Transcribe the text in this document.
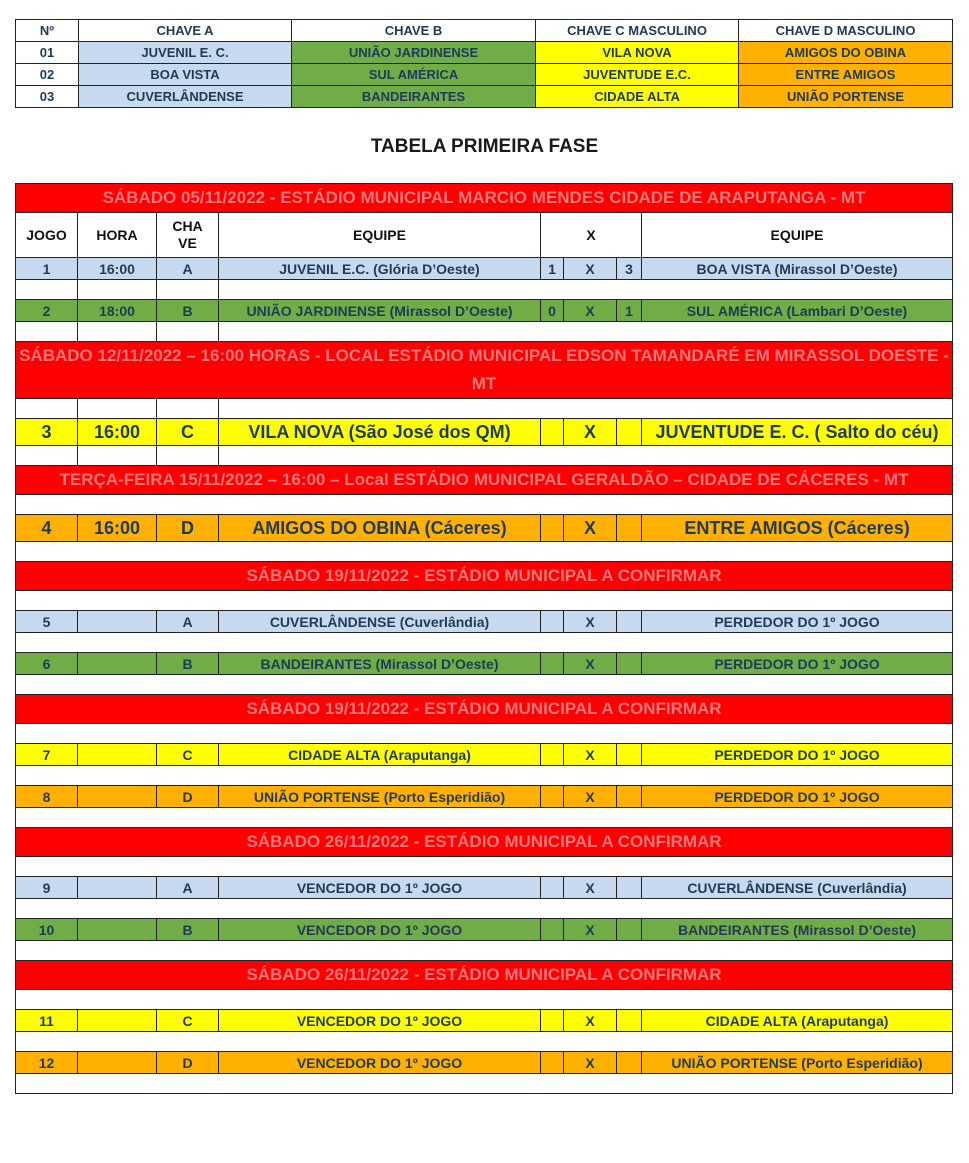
Nº	CHAVE A	CHAVE B	CHAVE C MASCULINO	CHAVE D MASCULINO
01	JUVENIL E. C.	UNIÃO JARDINENSE	VILA NOVA	AMIGOS DO OBINA
02	BOA VISTA	SUL AMÉRICA	JUVENTUDE E.C.	ENTRE AMIGOS
03	CUVERLÂNDENSE	BANDEIRANTES	CIDADE ALTA	UNIÃO PORTENSE
TABELA PRIMEIRA FASE
SÁBADO 05/11/2022 - ESTÁDIO MUNICIPAL MARCIO MENDES CIDADE DE ARAPUTANGA - MT							
JOGO	HORA	CHA VE	EQUIPE	X			EQUIPE
1	16:00	A	JUVENIL E.C. (Glória D’Oeste)	1	X	3	BOA VISTA (Mirassol D’Oeste)

2	18:00	B	UNIÃO JARDINENSE (Mirassol D’Oeste)	0	X	1	SUL AMÉRICA (Lambari D’Oeste)

SÁBADO 12/11/2022 – 16:00 HORAS - LOCAL ESTÁDIO MUNICIPAL EDSON TAMANDARÉ EM MIRASSOL DOESTE -MT							

3	16:00	C	VILA NOVA (São José dos QM)		X		JUVENTUDE E. C. ( Salto do céu)

TERÇA-FEIRA 15/11/2022 – 16:00 – Local ESTÁDIO MUNICIPAL GERALDÃO – CIDADE DE CÁCERES - MT							

4	16:00	D	AMIGOS DO OBINA (Cáceres)		X		ENTRE AMIGOS (Cáceres)

SÁBADO 19/11/2022 - ESTÁDIO MUNICIPAL A CONFIRMAR							

5		A	CUVERLÂNDENSE (Cuverlândia)		X		PERDEDOR DO 1º JOGO

6		B	BANDEIRANTES (Mirassol D’Oeste)		X		PERDEDOR DO 1º JOGO

SÁBADO 19/11/2022 - ESTÁDIO MUNICIPAL A CONFIRMAR							

7		C	CIDADE ALTA (Araputanga)		X		PERDEDOR DO 1º JOGO

8		D	UNIÃO PORTENSE (Porto Esperidião)		X		PERDEDOR DO 1º JOGO

SÁBADO 26/11/2022 - ESTÁDIO MUNICIPAL A CONFIRMAR							

9		A	VENCEDOR DO 1º JOGO		X		CUVERLÂNDENSE (Cuverlândia)

10		B	VENCEDOR DO 1º JOGO		X		BANDEIRANTES (Mirassol D’Oeste)

SÁBADO 26/11/2022 - ESTÁDIO MUNICIPAL A CONFIRMAR							

11		C	VENCEDOR DO 1º JOGO		X		CIDADE ALTA (Araputanga)

12		D	VENCEDOR DO 1º JOGO		X		UNIÃO PORTENSE (Porto Esperidião)
